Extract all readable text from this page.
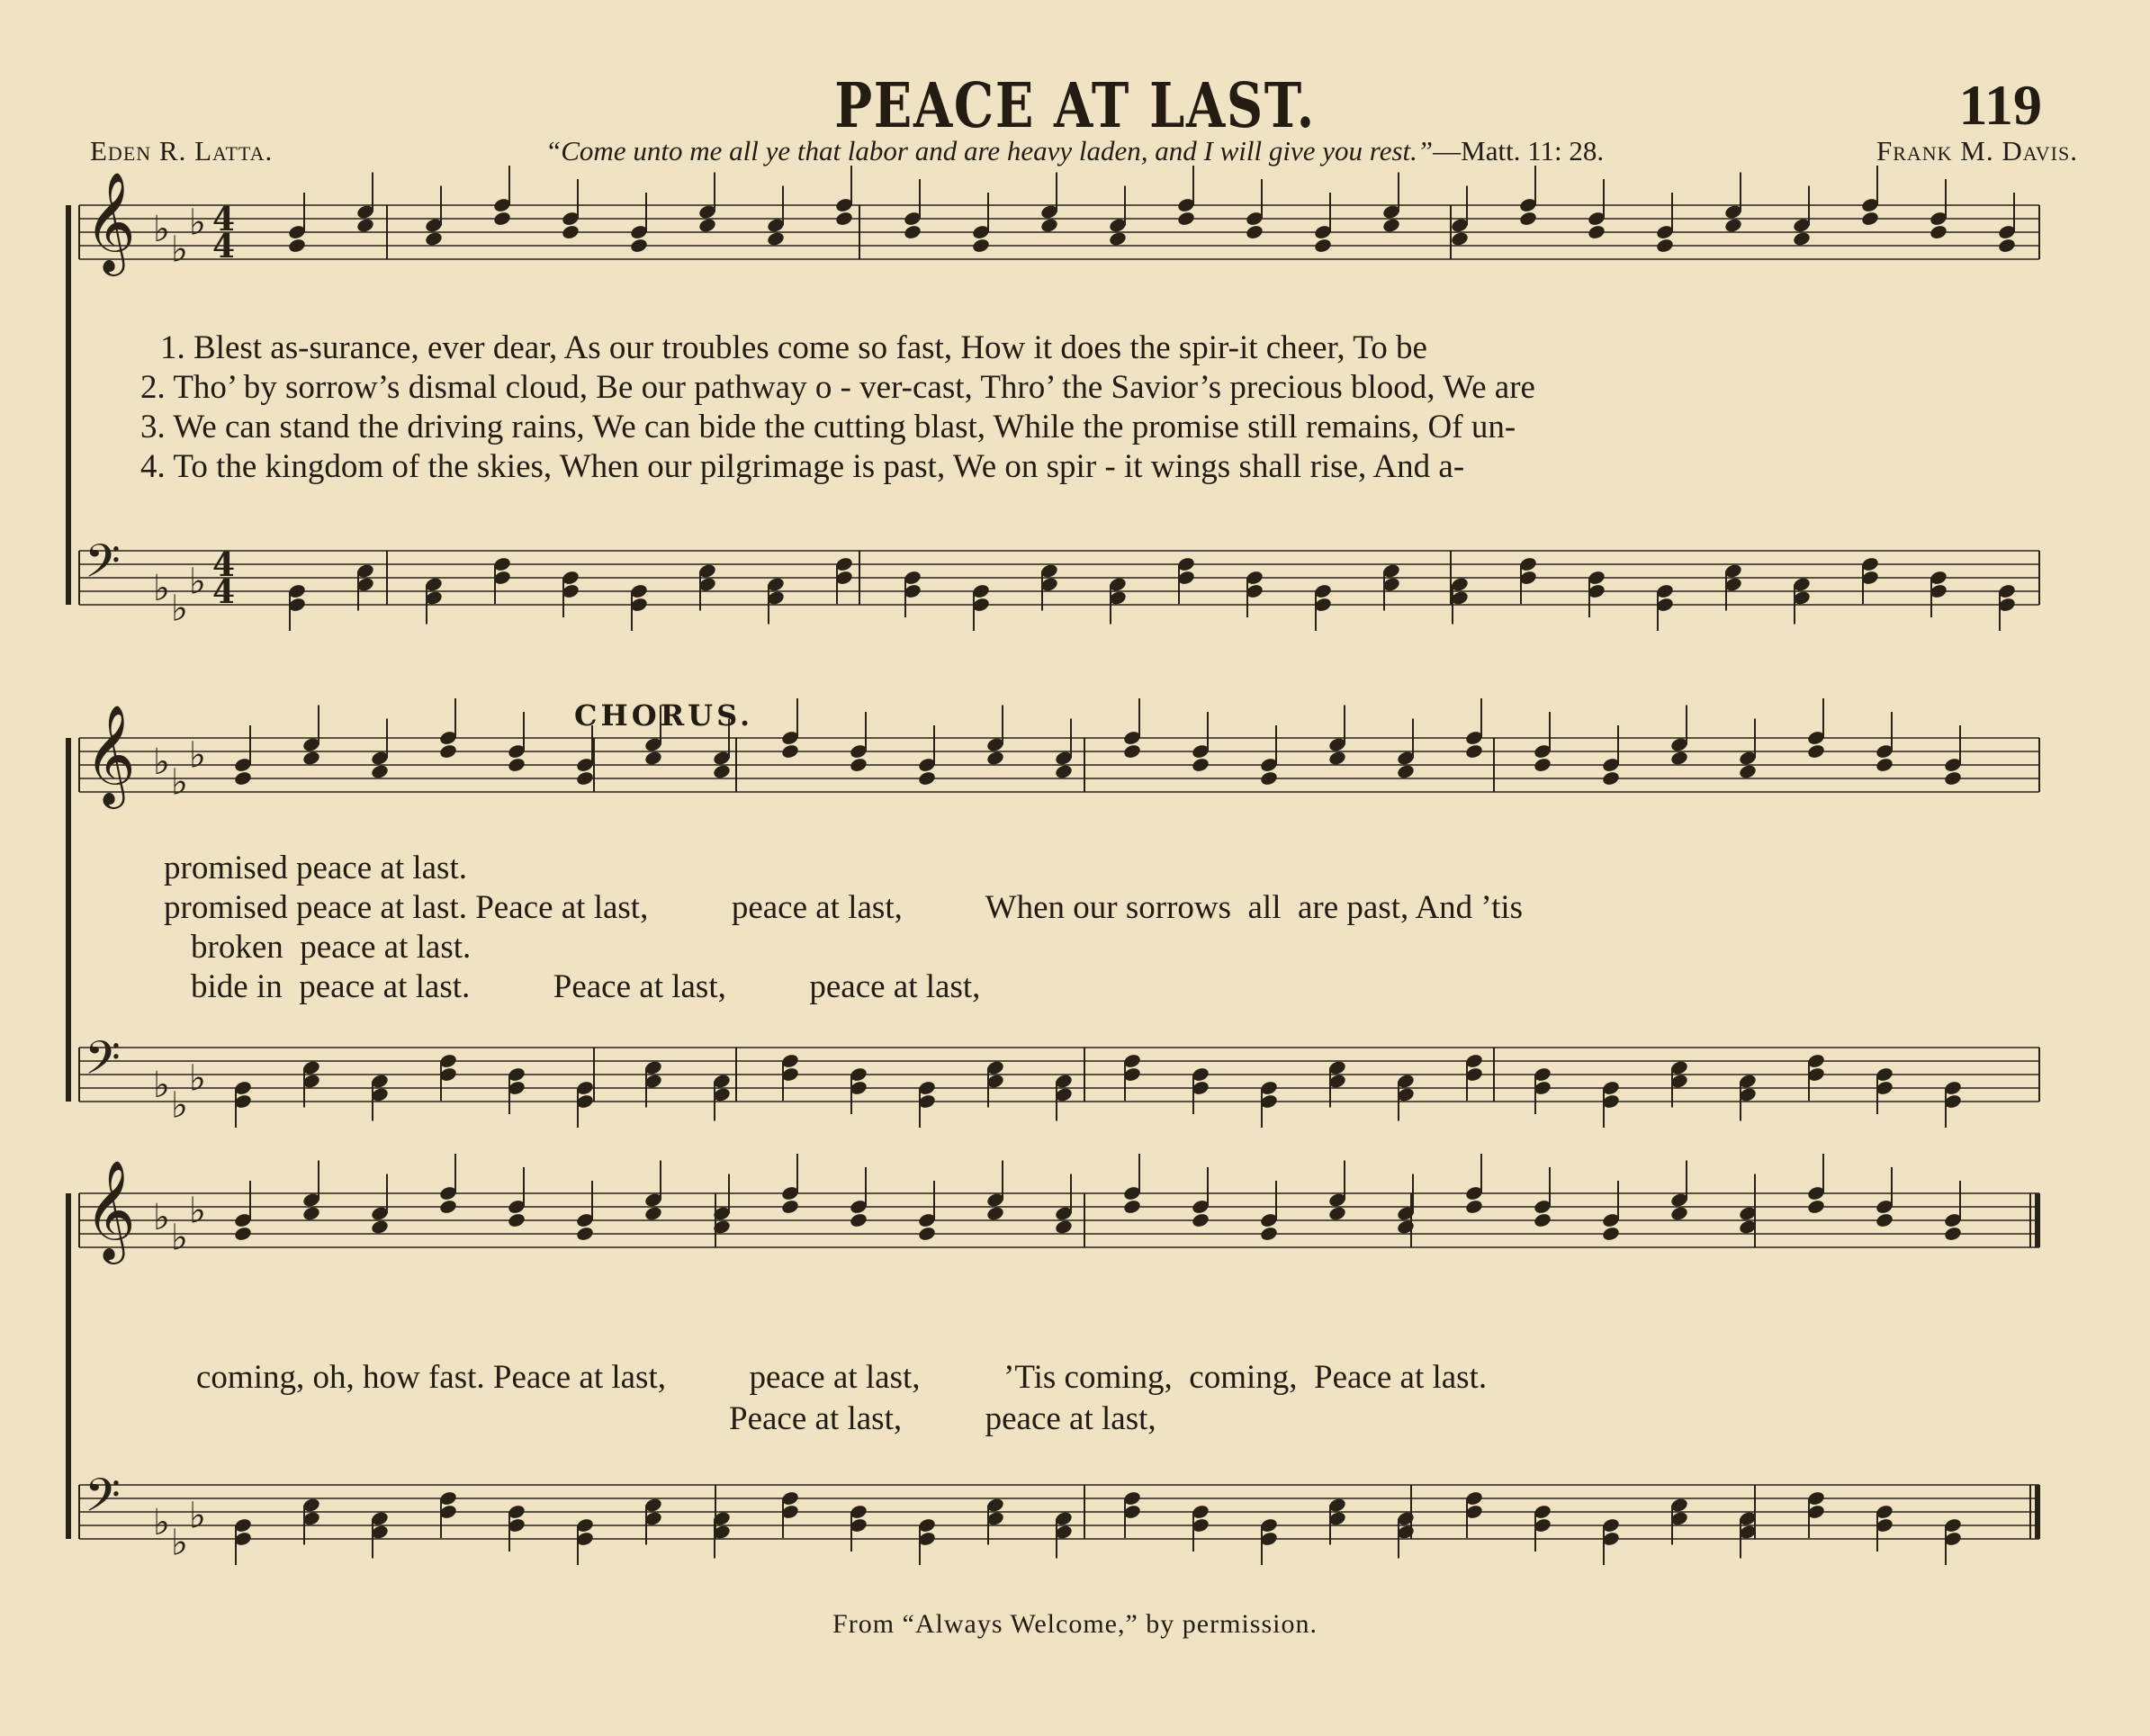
PEACE AT LAST.	119
Eden R. Latta.	“Come unto me all ye that labor and are heavy laden, and I will give you rest.”—Matt. 11: 28.	Frank M. Davis.
𝄞 ♭ ♭
♭ 4
4
𝄢 ♭ ♭
♭ 4
4
𝄞 ♭ ♭
♭
𝄢 ♭ ♭
♭
𝄞 ♭ ♭
♭
𝄢 ♭ ♭
♭
1. Blest as-surance, ever dear, As our troubles come so fast, How it does the spir-it cheer, To be
2. Tho’ by sorrow’s dismal cloud, Be our pathway o - ver-cast, Thro’ the Savior’s precious blood, We are
3. We can stand the driving rains, We can bide the cutting blast, While the promise still remains, Of un-
4. To the kingdom of the skies, When our pilgrimage is past, We on spir - it wings shall rise, And a-
CHORUS.
promised peace at last.
promised peace at last. Peace at last,          peace at last,          When our sorrows  all  are past, And ’tis
broken  peace at last.
bide in  peace at last.          Peace at last,          peace at last,
coming, oh, how fast. Peace at last,          peace at last,          ’Tis coming,  coming,  Peace at last.
Peace at last,          peace at last,
From “Always Welcome,” by permission.
